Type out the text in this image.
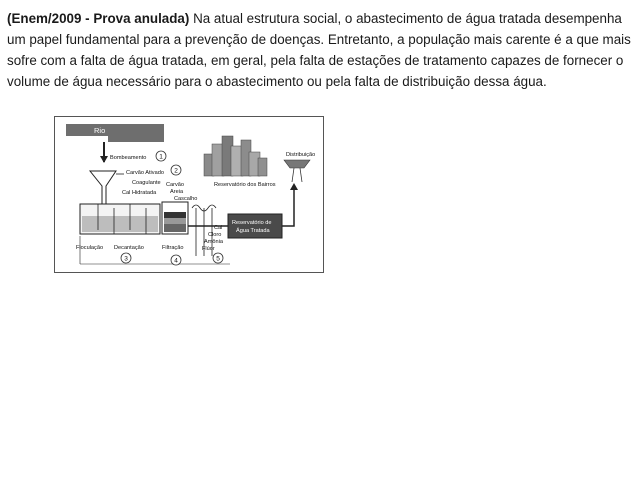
(Enem/2009 - Prova anulada) Na atual estrutura social, o abastecimento de água tratada desempenha um papel fundamental para a prevenção de doenças. Entretanto, a população mais carente é a que mais sofre com a falta de água tratada, em geral, pela falta de estações de tratamento capazes de fornecer o volume de água necessário para o abastecimento ou pela falta de distribuição dessa água.
Rio
Bombeamento 1
Carvão Ativado
Coagulante
Cal Hidratada
2
Carvão
Areia
Cascalho
Cal
Cloro
Amônia
Flúor
Reservatório de
Água Tratada
Reservatório dos Bairros
Distribuição
Floculação Decantação	Filtração
3	4	5
